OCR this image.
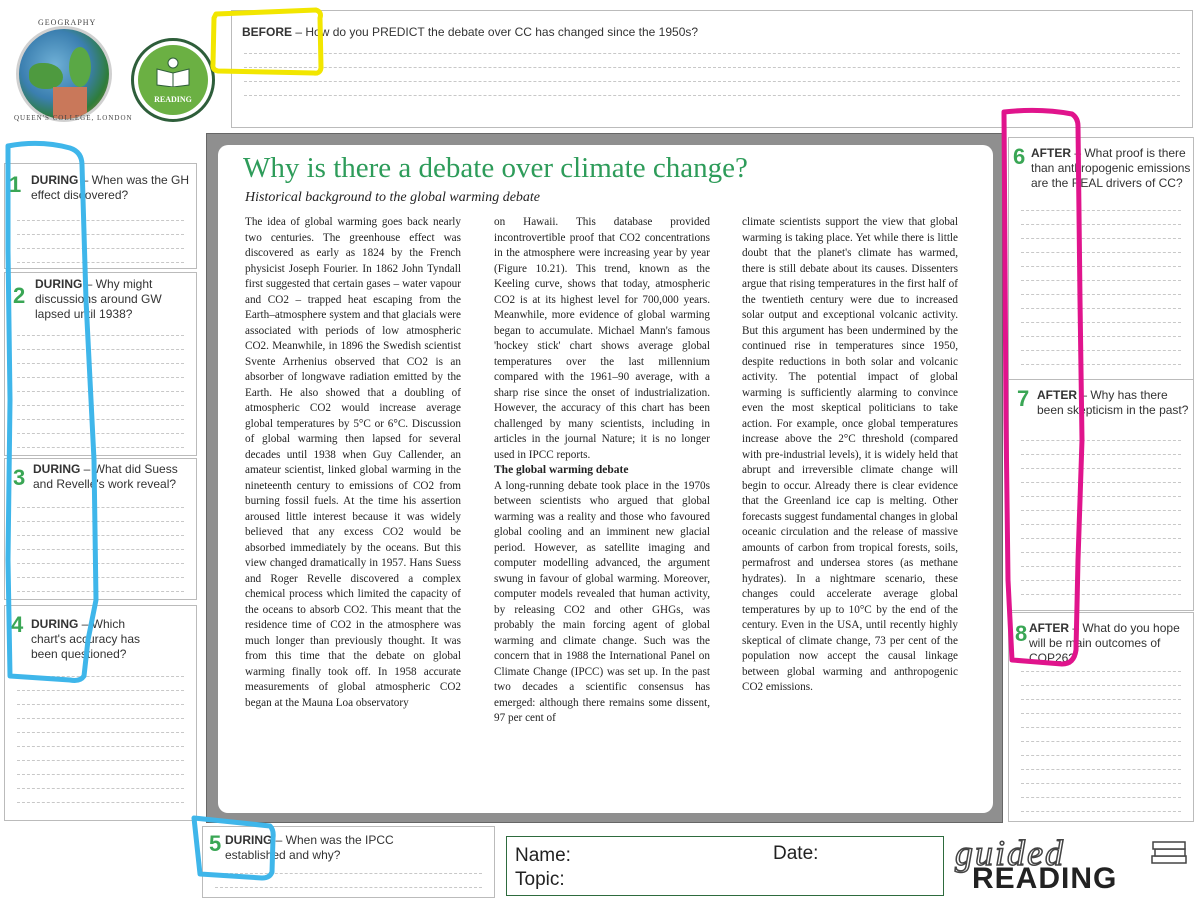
GEOGRAPHY
QUEEN'S COLLEGE, LONDON
READING
BEFORE – How do you PREDICT the debate over CC has changed since the 1950s?
1 DURING – When was the GH effect discovered?
2 DURING – Why might discussions around GW lapsed until 1938?
3 DURING – What did Suess and Revelle's work reveal?
4 DURING – Which chart's accuracy has been questioned?
5 DURING – When was the IPCC established and why?
6 AFTER – What proof is there than anthropogenic emissions are the REAL drivers of CC?
7 AFTER – Why has there been skepticism in the past?
8 AFTER – What do you hope will be main outcomes of COP26?
Why is there a debate over climate change?
Historical background to the global warming debate

The idea of global warming goes back nearly two centuries. The greenhouse effect was discovered as early as 1824 by the French physicist Joseph Fourier. In 1862 John Tyndall first suggested that certain gases – water vapour and CO2 – trapped heat escaping from the Earth–atmosphere system and that glacials were associated with periods of low atmospheric CO2. Meanwhile, in 1896 the Swedish scientist Svente Arrhenius observed that CO2 is an absorber of longwave radiation emitted by the Earth. He also showed that a doubling of atmospheric CO2 would increase average global temperatures by 5°C or 6°C. Discussion of global warming then lapsed for several decades until 1938 when Guy Callender, an amateur scientist, linked global warming in the nineteenth century to emissions of CO2 from burning fossil fuels. At the time his assertion aroused little interest because it was widely believed that any excess CO2 would be absorbed immediately by the oceans. But this view changed dramatically in 1957. Hans Suess and Roger Revelle discovered a complex chemical process which limited the capacity of the oceans to absorb CO2. This meant that the residence time of CO2 in the atmosphere was much longer than previously thought. It was from this time that the debate on global warming finally took off. In 1958 accurate measurements of global atmospheric CO2 began at the Mauna Loa observatory

on Hawaii. This database provided incontrovertible proof that CO2 concentrations in the atmosphere were increasing year by year (Figure 10.21). This trend, known as the Keeling curve, shows that today, atmospheric CO2 is at its highest level for 700,000 years. Meanwhile, more evidence of global warming began to accumulate. Michael Mann's famous 'hockey stick' chart shows average global temperatures over the last millennium compared with the 1961–90 average, with a sharp rise since the onset of industrialization. However, the accuracy of this chart has been challenged by many scientists, including in articles in the journal Nature; it is no longer used in IPCC reports.

The global warming debate

A long-running debate took place in the 1970s between scientists who argued that global warming was a reality and those who favoured global cooling and an imminent new glacial period. However, as satellite imaging and computer modelling advanced, the argument swung in favour of global warming. Moreover, computer models revealed that human activity, by releasing CO2 and other GHGs, was probably the main forcing agent of global warming and climate change. Such was the concern that in 1988 the International Panel on Climate Change (IPCC) was set up. In the past two decades a scientific consensus has emerged: although there remains some dissent, 97 per cent of

climate scientists support the view that global warming is taking place. Yet while there is little doubt that the planet's climate has warmed, there is still debate about its causes. Dissenters argue that rising temperatures in the first half of the twentieth century were due to increased solar output and exceptional volcanic activity. But this argument has been undermined by the continued rise in temperatures since 1950, despite reductions in both solar and volcanic activity. The potential impact of global warming is sufficiently alarming to convince even the most skeptical politicians to take action. For example, once global temperatures increase above the 2°C threshold (compared with pre-industrial levels), it is widely held that abrupt and irreversible climate change will begin to occur. Already there is clear evidence that the Greenland ice cap is melting. Other forecasts suggest fundamental changes in global oceanic circulation and the release of massive amounts of carbon from tropical forests, soils, permafrost and undersea stores (as methane hydrates). In a nightmare scenario, these changes could accelerate average global temperatures by up to 10°C by the end of the century. Even in the USA, until recently highly skeptical of climate change, 73 per cent of the population now accept the causal linkage between global warming and anthropogenic CO2 emissions.

Name:	Date:
Topic:
guided
READING
